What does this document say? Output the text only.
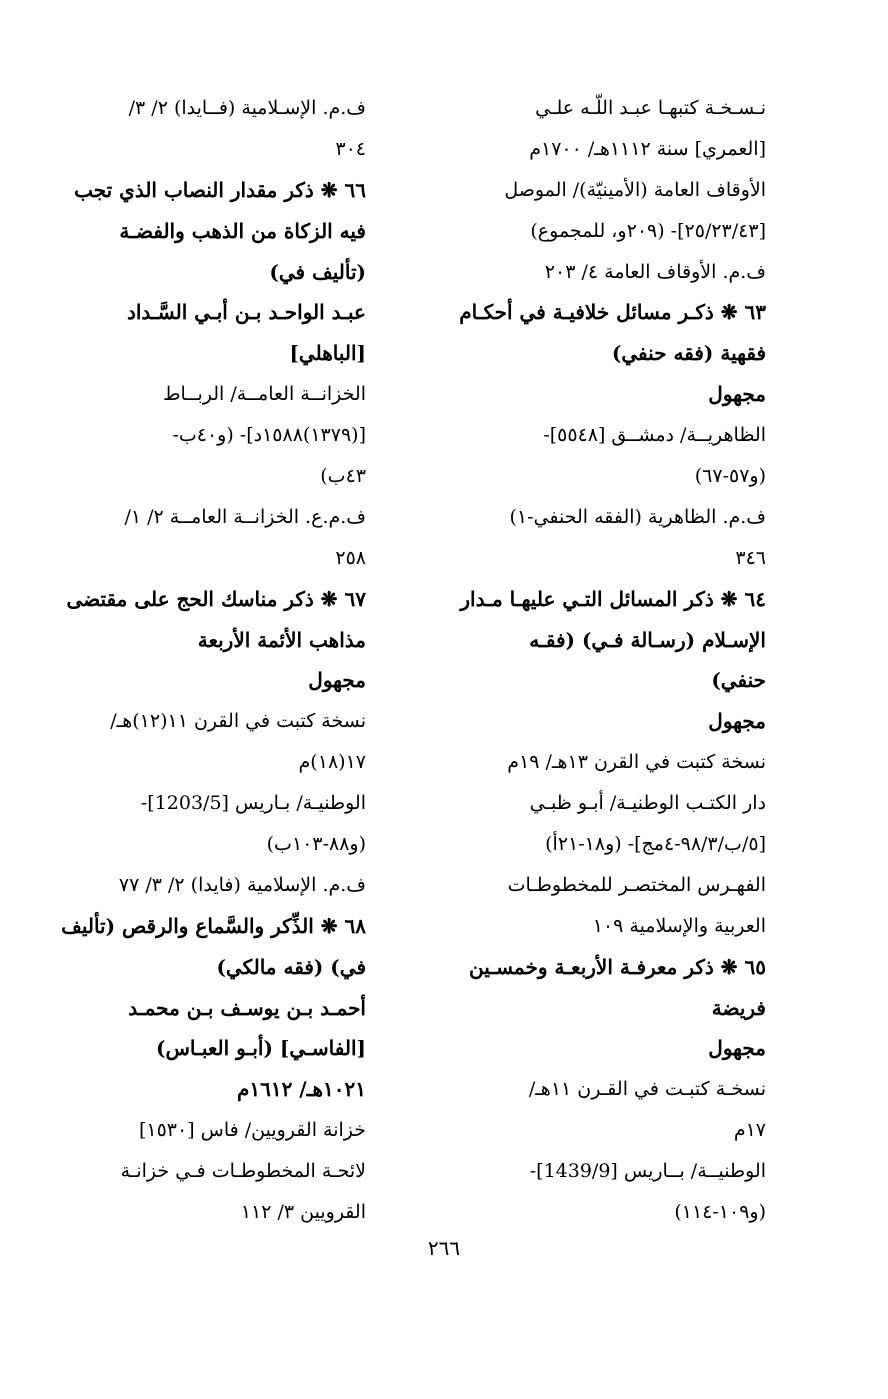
نـسـخـة كتبهـا عبـد اللّـه علـي
[العمري] سنة ١١١٢هـ/ ١٧٠٠م
الأوقاف العامة (الأمينيّة)/ الموصل
[٢٥/٢٣/٤٣]- (٢٠٩و، للمجموع)
ف.م. الأوقاف العامة ٤/ ٢٠٣
٦٣ ❋ ذكـر مسائل خلافيـة في أحكـام
فقهية (فقه حنفي)
مجهول
الظاهريــة/ دمشــق [٥٥٤٨]-
(و٥٧-٦٧)
ف.م. الظاهرية (الفقه الحنفي-١)
٣٤٦
٦٤ ❋ ذكر المسائل التـي عليهـا مـدار
الإسـلام (رسـالة فـي) (فقـه
حنفي)
مجهول
نسخة كتبت في القرن ١٣هـ/ ١٩م
دار الكتـب الوطنيـة/ أبـو ظبـي
[٥/ب/٩٨/٣-٤مج]- (و١٨-٢١أ)
الفهـرس المختصـر للمخطوطـات
العربية والإسلامية ١٠٩
٦٥ ❋ ذكر معرفـة الأربعـة وخمسـين
فريضة
مجهول
نسخـة كتبـت في القـرن ١١هـ/
١٧م
الوطنيــة/ بــاريس [1439/9]-
(و١٠٩-١١٤)
ف.م. الإسـلامية (فــايدا) ٢/ ٣/
٣٠٤
٦٦ ❋ ذكر مقدار النصاب الذي تجب
فيه الزكاة من الذهب والفضـة
(تأليف في)
عبـد الواحـد بـن أبـي السَّـداد
[الباهلي]
الخزانــة العامــة/ الربــاط
[(١٣٧٩)١٥٨٨د]- (و٤٠ب-
٤٣ب)
ف.م.ع. الخزانــة العامــة ٢/ ١/
٢٥٨
٦٧ ❋ ذكر مناسك الحج على مقتضى
مذاهب الأئمة الأربعة
مجهول
نسخة كتبت في القرن ١١(١٢)هـ/
١٧(١٨)م
الوطنيـة/ بـاريس [1203/5]-
(و٨٨-١٠٣ب)
ف.م. الإسلامية (فايدا) ٢/ ٣/ ٧٧
٦٨ ❋ الذِّكر والسَّماع والرقص (تأليف
في) (فقه مالكي)
أحمـد بـن يوسـف بـن محمـد
[الفاسـي] (أبـو العبـاس)
١٠٢١هـ/ ١٦١٢م
خزانة القرويين/ فاس [١٥٣٠]
لائحـة المخطوطـات فـي خزانـة
القرويين ٣/ ١١٢
٢٦٦
